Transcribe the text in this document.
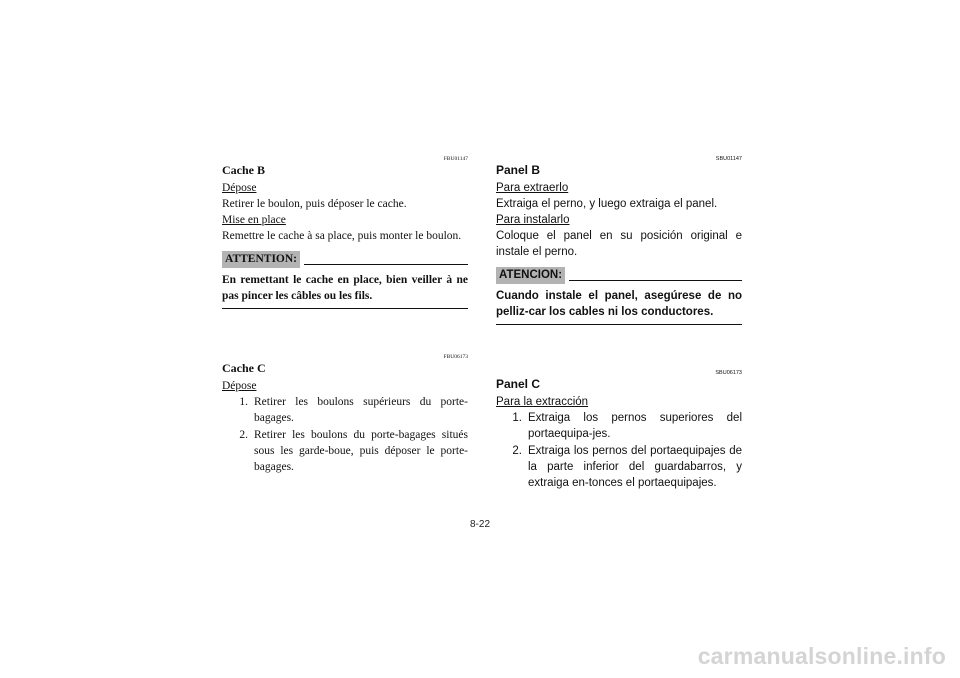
FBU01147
Cache B
Dépose

Retirer le boulon, puis déposer le cache.

Mise en place

Remettre le cache à sa place, puis monter le boulon.

ATTENTION:
En remettant le cache en place, bien veiller à ne pas pincer les câbles ou les fils.
FBU06173
Cache C
Dépose
1. Retirer les boulons supérieurs du porte-bagages.
2. Retirer les boulons du porte-bagages situés sous les garde-boue, puis déposer le porte-bagages.
SBU01147
Panel B
Para extraerlo

Extraiga el perno, y luego extraiga el panel.

Para instalarlo

Coloque el panel en su posición original e instale el perno.

ATENCION:
Cuando instale el panel, asegúrese de no pelliz-car los cables ni los conductores.
SBU06173
Panel C
Para la extracción
1. Extraiga los pernos superiores del portaequipa-jes.
2. Extraiga los pernos del portaequipajes de la parte inferior del guardabarros, y extraiga en-tonces el portaequipajes.
8-22
carmanualsonline.info
